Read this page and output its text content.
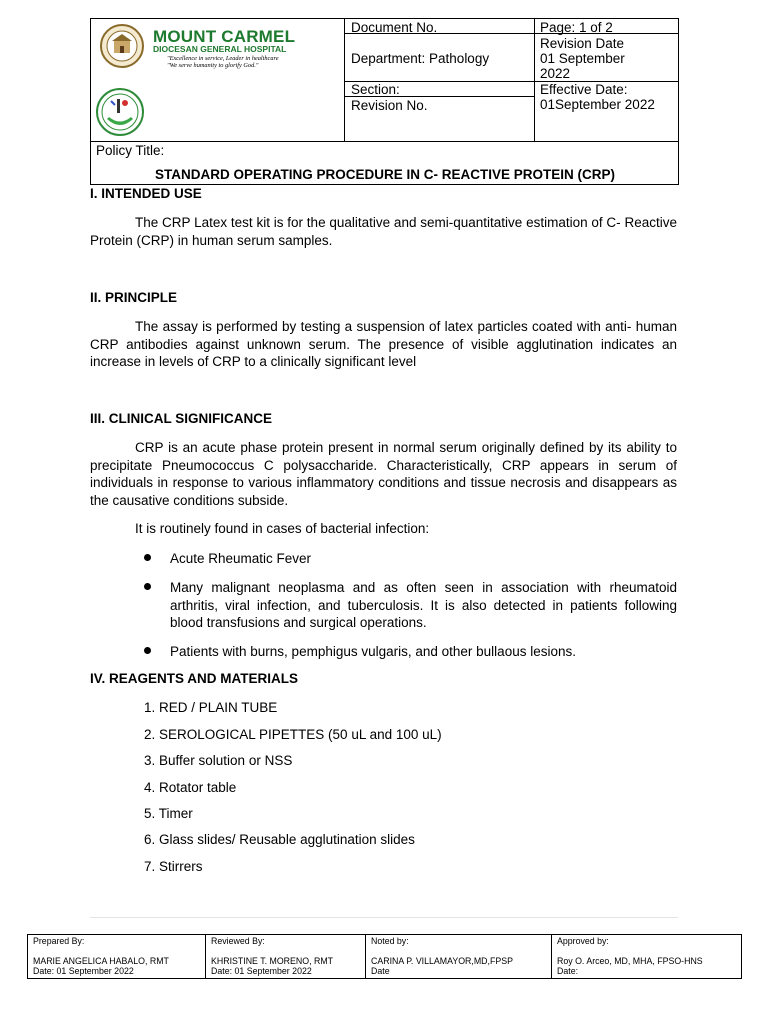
MOUNT CARMEL
DIOCESAN GENERAL HOSPITAL
"Excellence in service, Leader in healthcare
"We serve humanity to glorify God."
Document No.	Page: 1 of 2
Department: Pathology
Revision Date
01 September
2022
Section:
Revision No.
Effective Date:
01September 2022
Policy Title:
STANDARD OPERATING PROCEDURE IN C- REACTIVE PROTEIN (CRP)
I. INTENDED USE
The CRP Latex test kit is for the qualitative and semi-quantitative estimation of C- Reactive Protein (CRP) in human serum samples.
II. PRINCIPLE
The assay is performed by testing a suspension of latex particles coated with anti- human CRP antibodies against unknown serum. The presence of visible agglutination indicates an increase in levels of CRP to a clinically significant level
III. CLINICAL SIGNIFICANCE
CRP is an acute phase protein present in normal serum originally defined by its ability to precipitate Pneumococcus C polysaccharide. Characteristically, CRP appears in serum of individuals in response to various inflammatory conditions and tissue necrosis and disappears as the causative conditions subside.
It is routinely found in cases of bacterial infection:
Acute Rheumatic Fever
Many malignant neoplasma and as often seen in association with rheumatoid arthritis, viral infection, and tuberculosis. It is also detected in patients following blood transfusions and surgical operations.
Patients with burns, pemphigus vulgaris, and other bullaous lesions.
IV. REAGENTS AND MATERIALS
1. RED / PLAIN TUBE
2. SEROLOGICAL PIPETTES (50 uL and 100 uL)
3. Buffer solution or NSS
4. Rotator table
5. Timer
6. Glass slides/ Reusable agglutination slides
7. Stirrers
Prepared By:
MARIE ANGELICA HABALO, RMT
Date: 01 September 2022
Reviewed By:
KHRISTINE T. MORENO, RMT
Date: 01 September 2022
Noted by:
CARINA P. VILLAMAYOR,MD,FPSP
Date
Approved by:
Roy O. Arceo, MD, MHA, FPSO-HNS
Date:
